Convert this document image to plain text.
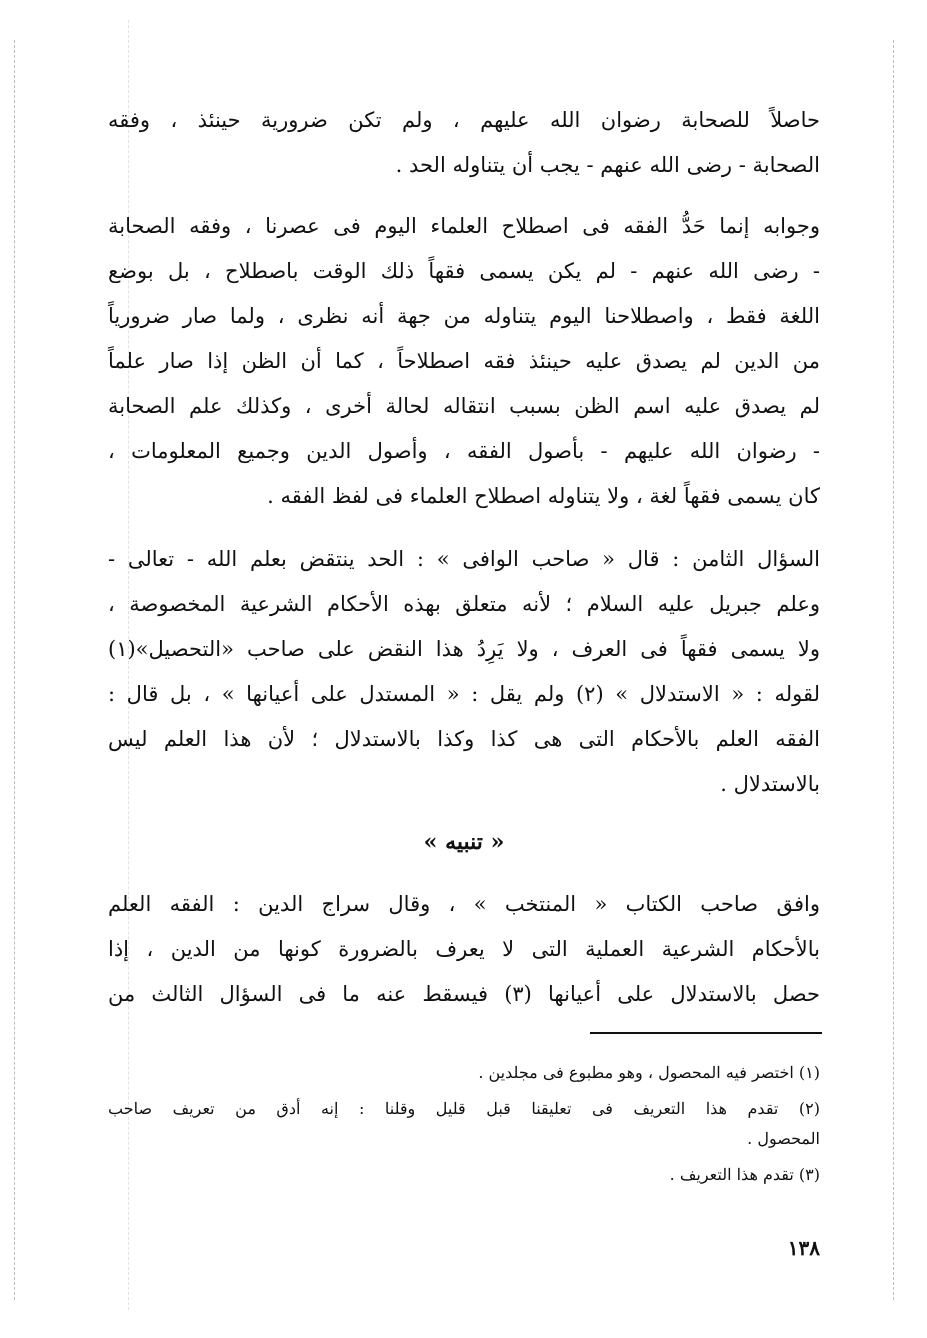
حاصلاً للصحابة رضوان الله عليهم ، ولم تكن ضرورية حينئذ ، وفقه
الصحابة - رضى الله عنهم - يجب أن يتناوله الحد .
وجوابه إنما حَدُّ الفقه فى اصطلاح العلماء اليوم فى عصرنا ، وفقه الصحابة
- رضى الله عنهم - لم يكن يسمى فقهاً ذلك الوقت باصطلاح ، بل بوضع
اللغة فقط ، واصطلاحنا اليوم يتناوله من جهة أنه نظرى ، ولما صار ضرورياً
من الدين لم يصدق عليه حينئذ فقه اصطلاحاً ، كما أن الظن إذا صار علماً
لم يصدق عليه اسم الظن بسبب انتقاله لحالة أخرى ، وكذلك علم الصحابة
- رضوان الله عليهم - بأصول الفقه ، وأصول الدين وجميع المعلومات ،
كان يسمى فقهاً لغة ، ولا يتناوله اصطلاح العلماء فى لفظ الفقه .
السؤال الثامن : قال « صاحب الوافى » : الحد ينتقض بعلم الله - تعالى -
وعلم جبريل عليه السلام ؛ لأنه متعلق بهذه الأحكام الشرعية المخصوصة ،
ولا يسمى فقهاً فى العرف ، ولا يَرِدُ هذا النقض على صاحب «التحصيل»(١)
لقوله : « الاستدلال » (٢) ولم يقل : « المستدل على أعيانها » ، بل قال :
الفقه العلم بالأحكام التى هى كذا وكذا بالاستدلال ؛ لأن هذا العلم ليس
بالاستدلال .
« تنبيه »
وافق صاحب الكتاب « المنتخب » ، وقال سراج الدين : الفقه العلم
بالأحكام الشرعية العملية التى لا يعرف بالضرورة كونها من الدين ، إذا
حصل بالاستدلال على أعيانها (٣) فيسقط عنه ما فى السؤال الثالث من
(١) اختصر فيه المحصول ، وهو مطبوع فى مجلدين .
(٢) تقدم هذا التعريف فى تعليقنا قبل قليل وقلنا : إنه أدق من تعريف صاحب
المحصول .
(٣) تقدم هذا التعريف .
١٣٨
